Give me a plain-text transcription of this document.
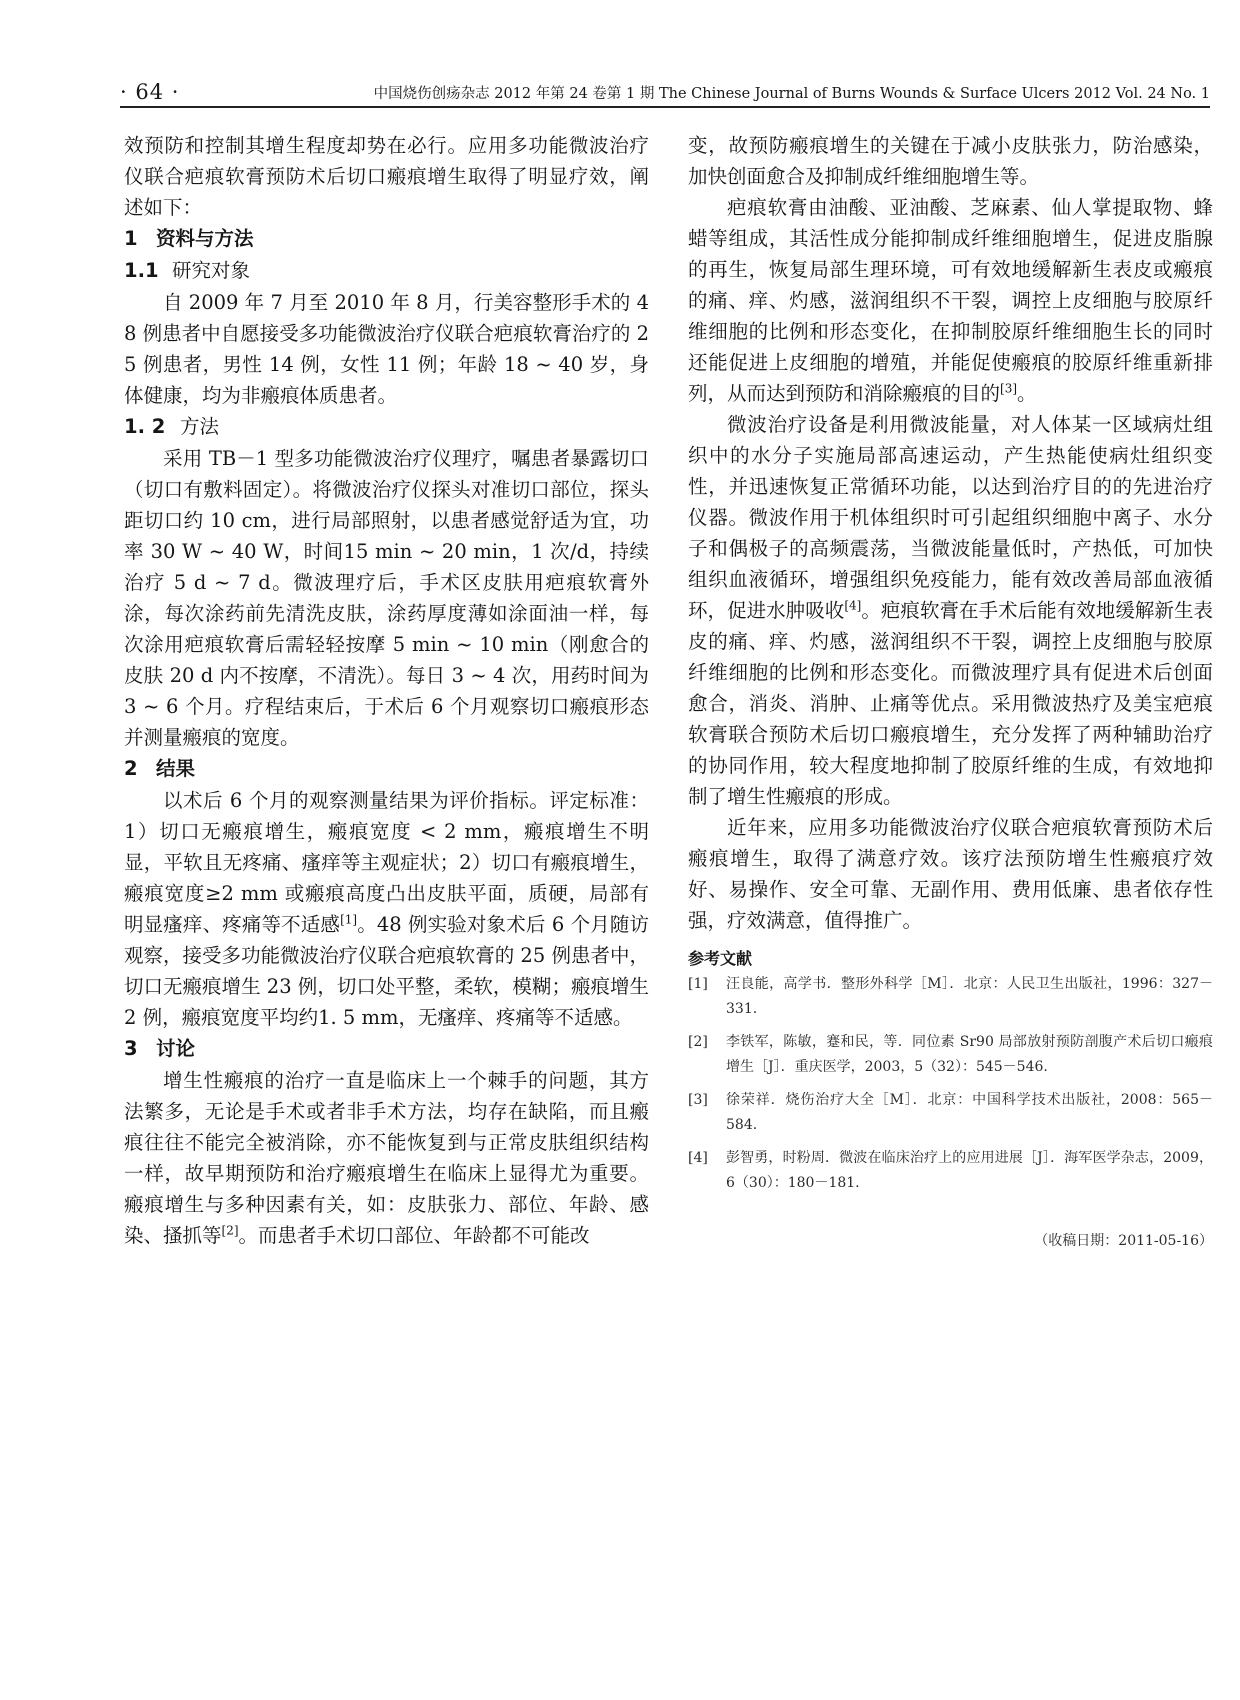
· 64 ·	中国烧伤创疡杂志 2012 年第 24 卷第 1 期 The Chinese Journal of Burns Wounds & Surface Ulcers 2012 Vol. 24 No. 1

效预防和控制其增生程度却势在必行。应用多功能微波治疗仪联合疤痕软膏预防术后切口瘢痕增生取得了明显疗效，阐述如下：

1 资料与方法
1.1 研究对象

自 2009 年 7 月至 2010 年 8 月，行美容整形手术的 48 例患者中自愿接受多功能微波治疗仪联合疤痕软膏治疗的 25 例患者，男性 14 例，女性 11 例；年龄 18 ~ 40 岁，身体健康，均为非瘢痕体质患者。

1. 2 方法

采用 TB－1 型多功能微波治疗仪理疗，嘱患者暴露切口（切口有敷料固定）。将微波治疗仪探头对准切口部位，探头距切口约 10 cm，进行局部照射，以患者感觉舒适为宜，功率 30 W ~ 40 W，时间15 min ~ 20 min，1 次/d，持续治疗 5 d ~ 7 d。微波理疗后，手术区皮肤用疤痕软膏外涂，每次涂药前先清洗皮肤，涂药厚度薄如涂面油一样，每次涂用疤痕软膏后需轻轻按摩 5 min ~ 10 min（刚愈合的皮肤 20 d 内不按摩，不清洗）。每日 3 ~ 4 次，用药时间为 3 ~ 6 个月。疗程结束后，于术后 6 个月观察切口瘢痕形态并测量瘢痕的宽度。

2 结果

以术后 6 个月的观察测量结果为评价指标。评定标准：1）切口无瘢痕增生，瘢痕宽度 < 2 mm，瘢痕增生不明显，平软且无疼痛、瘙痒等主观症状；2）切口有瘢痕增生，瘢痕宽度≥2 mm 或瘢痕高度凸出皮肤平面，质硬，局部有明显瘙痒、疼痛等不适感[1]。48 例实验对象术后 6 个月随访观察，接受多功能微波治疗仪联合疤痕软膏的 25 例患者中，切口无瘢痕增生 23 例，切口处平整，柔软，模糊；瘢痕增生 2 例，瘢痕宽度平均约1. 5 mm，无瘙痒、疼痛等不适感。

3 讨论

增生性瘢痕的治疗一直是临床上一个棘手的问题，其方法繁多，无论是手术或者非手术方法，均存在缺陷，而且瘢痕往往不能完全被消除，亦不能恢复到与正常皮肤组织结构一样，故早期预防和治疗瘢痕增生在临床上显得尤为重要。瘢痕增生与多种因素有关，如：皮肤张力、部位、年龄、感染、搔抓等[2]。而患者手术切口部位、年龄都不可能改

变，故预防瘢痕增生的关键在于减小皮肤张力，防治感染，加快创面愈合及抑制成纤维细胞增生等。

疤痕软膏由油酸、亚油酸、芝麻素、仙人掌提取物、蜂蜡等组成，其活性成分能抑制成纤维细胞增生，促进皮脂腺的再生，恢复局部生理环境，可有效地缓解新生表皮或瘢痕的痛、痒、灼感，滋润组织不干裂，调控上皮细胞与胶原纤维细胞的比例和形态变化，在抑制胶原纤维细胞生长的同时还能促进上皮细胞的增殖，并能促使瘢痕的胶原纤维重新排列，从而达到预防和消除瘢痕的目的[3]。

微波治疗设备是利用微波能量，对人体某一区域病灶组织中的水分子实施局部高速运动，产生热能使病灶组织变性，并迅速恢复正常循环功能，以达到治疗目的的先进治疗仪器。微波作用于机体组织时可引起组织细胞中离子、水分子和偶极子的高频震荡，当微波能量低时，产热低，可加快组织血液循环，增强组织免疫能力，能有效改善局部血液循环，促进水肿吸收[4]。疤痕软膏在手术后能有效地缓解新生表皮的痛、痒、灼感，滋润组织不干裂，调控上皮细胞与胶原纤维细胞的比例和形态变化。而微波理疗具有促进术后创面愈合，消炎、消肿、止痛等优点。采用微波热疗及美宝疤痕软膏联合预防术后切口瘢痕增生，充分发挥了两种辅助治疗的协同作用，较大程度地抑制了胶原纤维的生成，有效地抑制了增生性瘢痕的形成。

近年来，应用多功能微波治疗仪联合疤痕软膏预防术后瘢痕增生，取得了满意疗效。该疗法预防增生性瘢痕疗效好、易操作、安全可靠、无副作用、费用低廉、患者依存性强，疗效满意，值得推广。

参考文献
[1]	汪良能，高学书．整形外科学［M］．北京：人民卫生出版社，1996：327－331.
[2]	李铁军，陈敏，蹇和民，等．同位素 Sr90 局部放射预防剖腹产术后切口瘢痕增生［J］．重庆医学，2003，5（32）：545－546.
[3]	徐荣祥．烧伤治疗大全［M］．北京：中国科学技术出版社，2008：565－584.
[4]	彭智勇，时粉周．微波在临床治疗上的应用进展［J］．海军医学杂志，2009，6（30）：180－181.
（收稿日期：2011-05-16）
